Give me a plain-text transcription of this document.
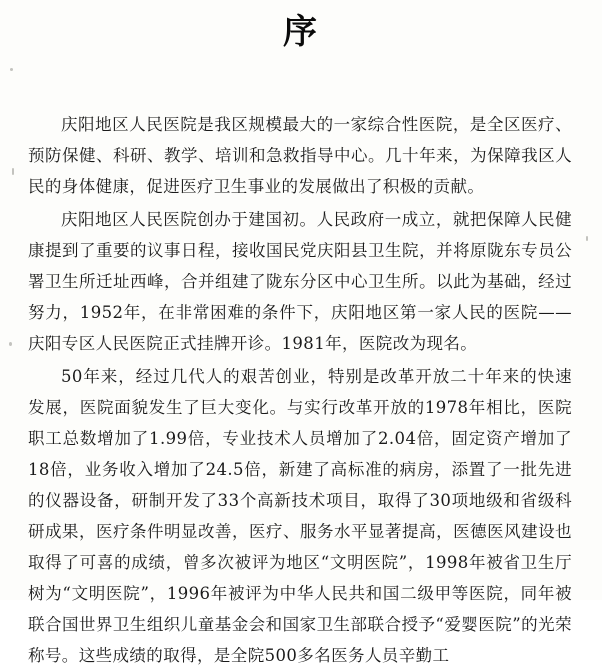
序

庆阳地区人民医院是我区规模最大的一家综合性医院，是全区医疗、预防保健、科研、教学、培训和急救指导中心。几十年来，为保障我区人民的身体健康，促进医疗卫生事业的发展做出了积极的贡献。

庆阳地区人民医院创办于建国初。人民政府一成立，就把保障人民健康提到了重要的议事日程，接收国民党庆阳县卫生院，并将原陇东专员公署卫生所迁址西峰，合并组建了陇东分区中心卫生所。以此为基础，经过努力，1952年，在非常困难的条件下，庆阳地区第一家人民的医院——庆阳专区人民医院正式挂牌开诊。1981年，医院改为现名。

50年来，经过几代人的艰苦创业，特别是改革开放二十年来的快速发展，医院面貌发生了巨大变化。与实行改革开放的1978年相比，医院职工总数增加了1.99倍，专业技术人员增加了2.04倍，固定资产增加了18倍，业务收入增加了24.5倍，新建了高标准的病房，添置了一批先进的仪器设备，研制开发了33个高新技术项目，取得了30项地级和省级科研成果，医疗条件明显改善，医疗、服务水平显著提高，医德医风建设也取得了可喜的成绩，曾多次被评为地区“文明医院”，1998年被省卫生厅树为“文明医院”，1996年被评为中华人民共和国二级甲等医院，同年被联合国世界卫生组织儿童基金会和国家卫生部联合授予“爱婴医院”的光荣称号。这些成绩的取得，是全院500多名医务人员辛勤工
